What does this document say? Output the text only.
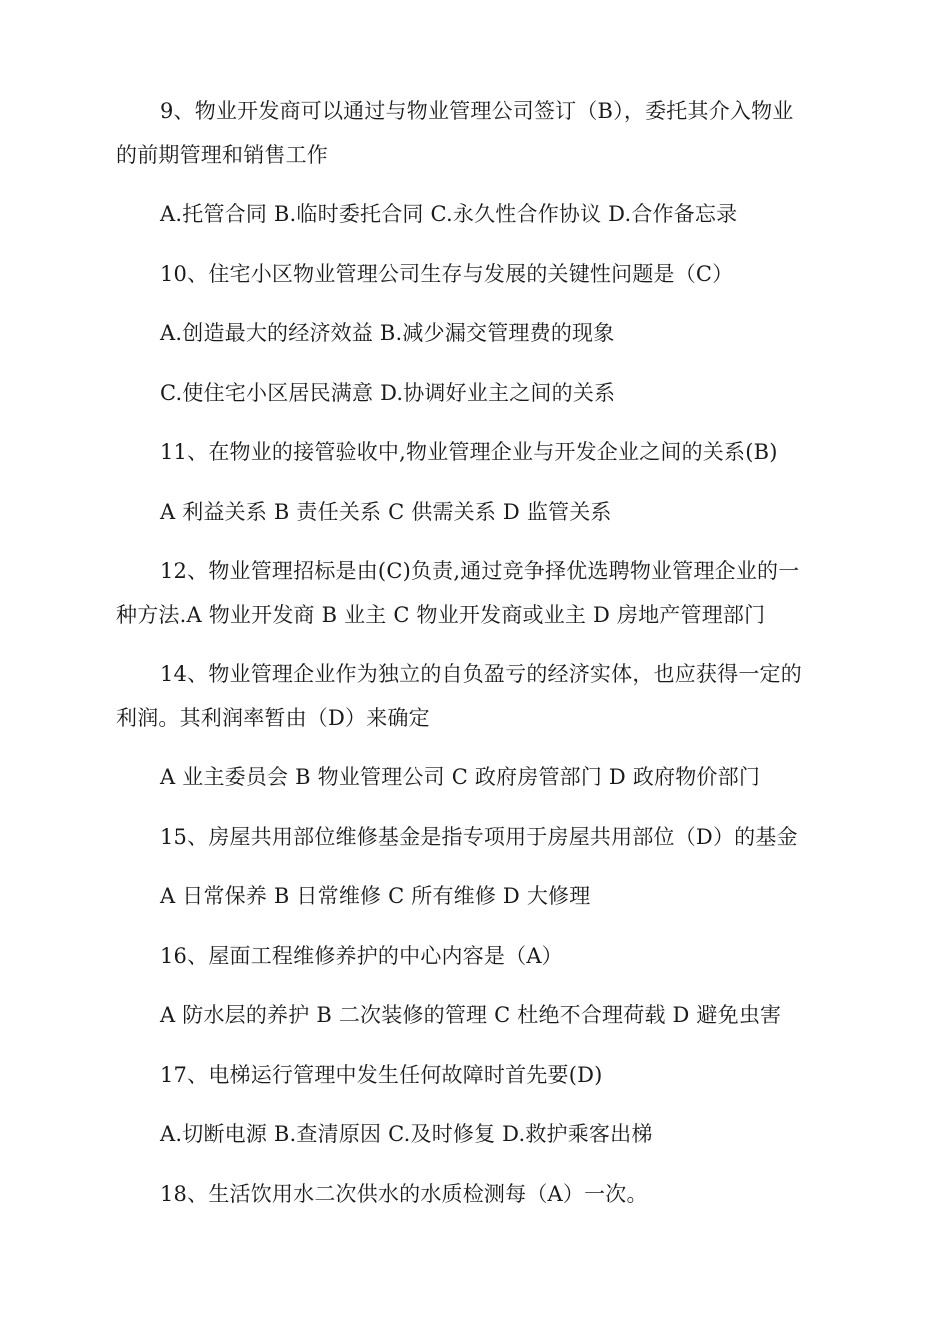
9、物业开发商可以通过与物业管理公司签订（B），委托其介入物业
的前期管理和销售工作
A.托管合同 B.临时委托合同 C.永久性合作协议 D.合作备忘录
10、住宅小区物业管理公司生存与发展的关键性问题是（C）
A.创造最大的经济效益 B.减少漏交管理费的现象
C.使住宅小区居民满意 D.协调好业主之间的关系
11、在物业的接管验收中,物业管理企业与开发企业之间的关系(B)
A 利益关系 B 责任关系 C 供需关系 D 监管关系
12、物业管理招标是由(C)负责,通过竞争择优选聘物业管理企业的一
种方法.A 物业开发商 B 业主 C 物业开发商或业主 D 房地产管理部门
14、物业管理企业作为独立的自负盈亏的经济实体，也应获得一定的
利润。其利润率暂由（D）来确定
A 业主委员会 B 物业管理公司 C 政府房管部门 D 政府物价部门
15、房屋共用部位维修基金是指专项用于房屋共用部位（D）的基金
A 日常保养 B 日常维修 C 所有维修 D 大修理
16、屋面工程维修养护的中心内容是（A）
A 防水层的养护 B 二次装修的管理 C 杜绝不合理荷载 D 避免虫害
17、电梯运行管理中发生任何故障时首先要(D)
A.切断电源 B.查清原因 C.及时修复 D.救护乘客出梯
18、生活饮用水二次供水的水质检测每（A）一次。
